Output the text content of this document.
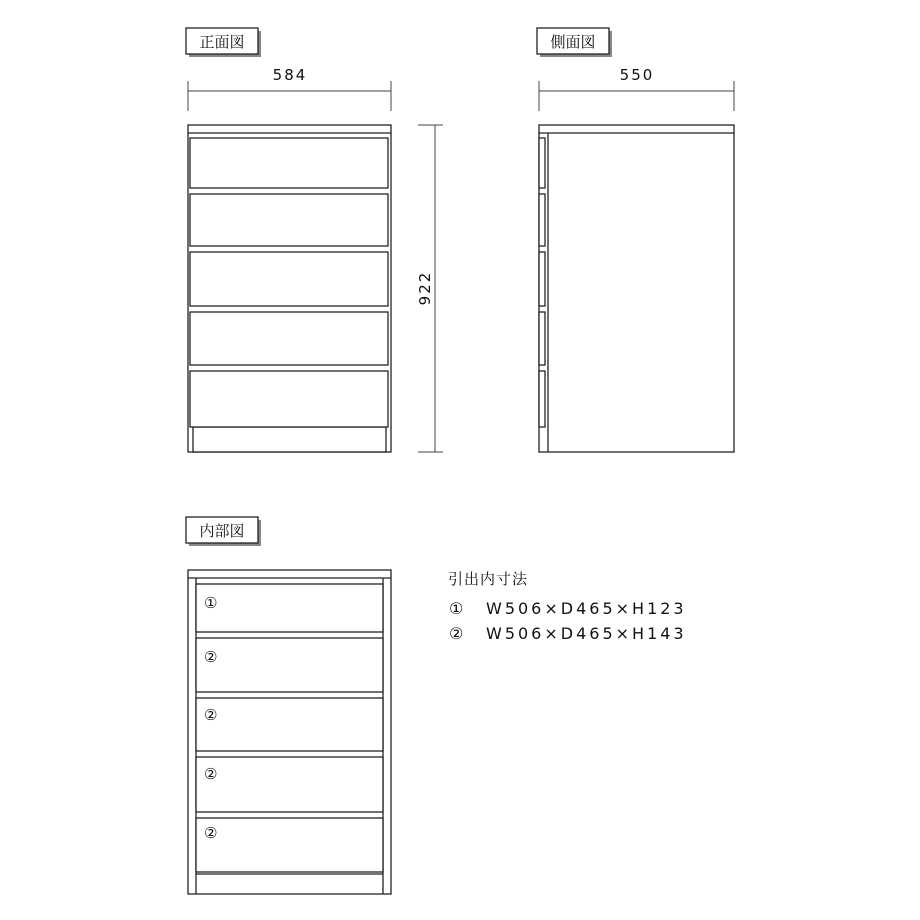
正面図	側面図
内部図
584
922
550
①
②
②
②
②
引出内寸法
① W506×D465×H123
② W506×D465×H143
